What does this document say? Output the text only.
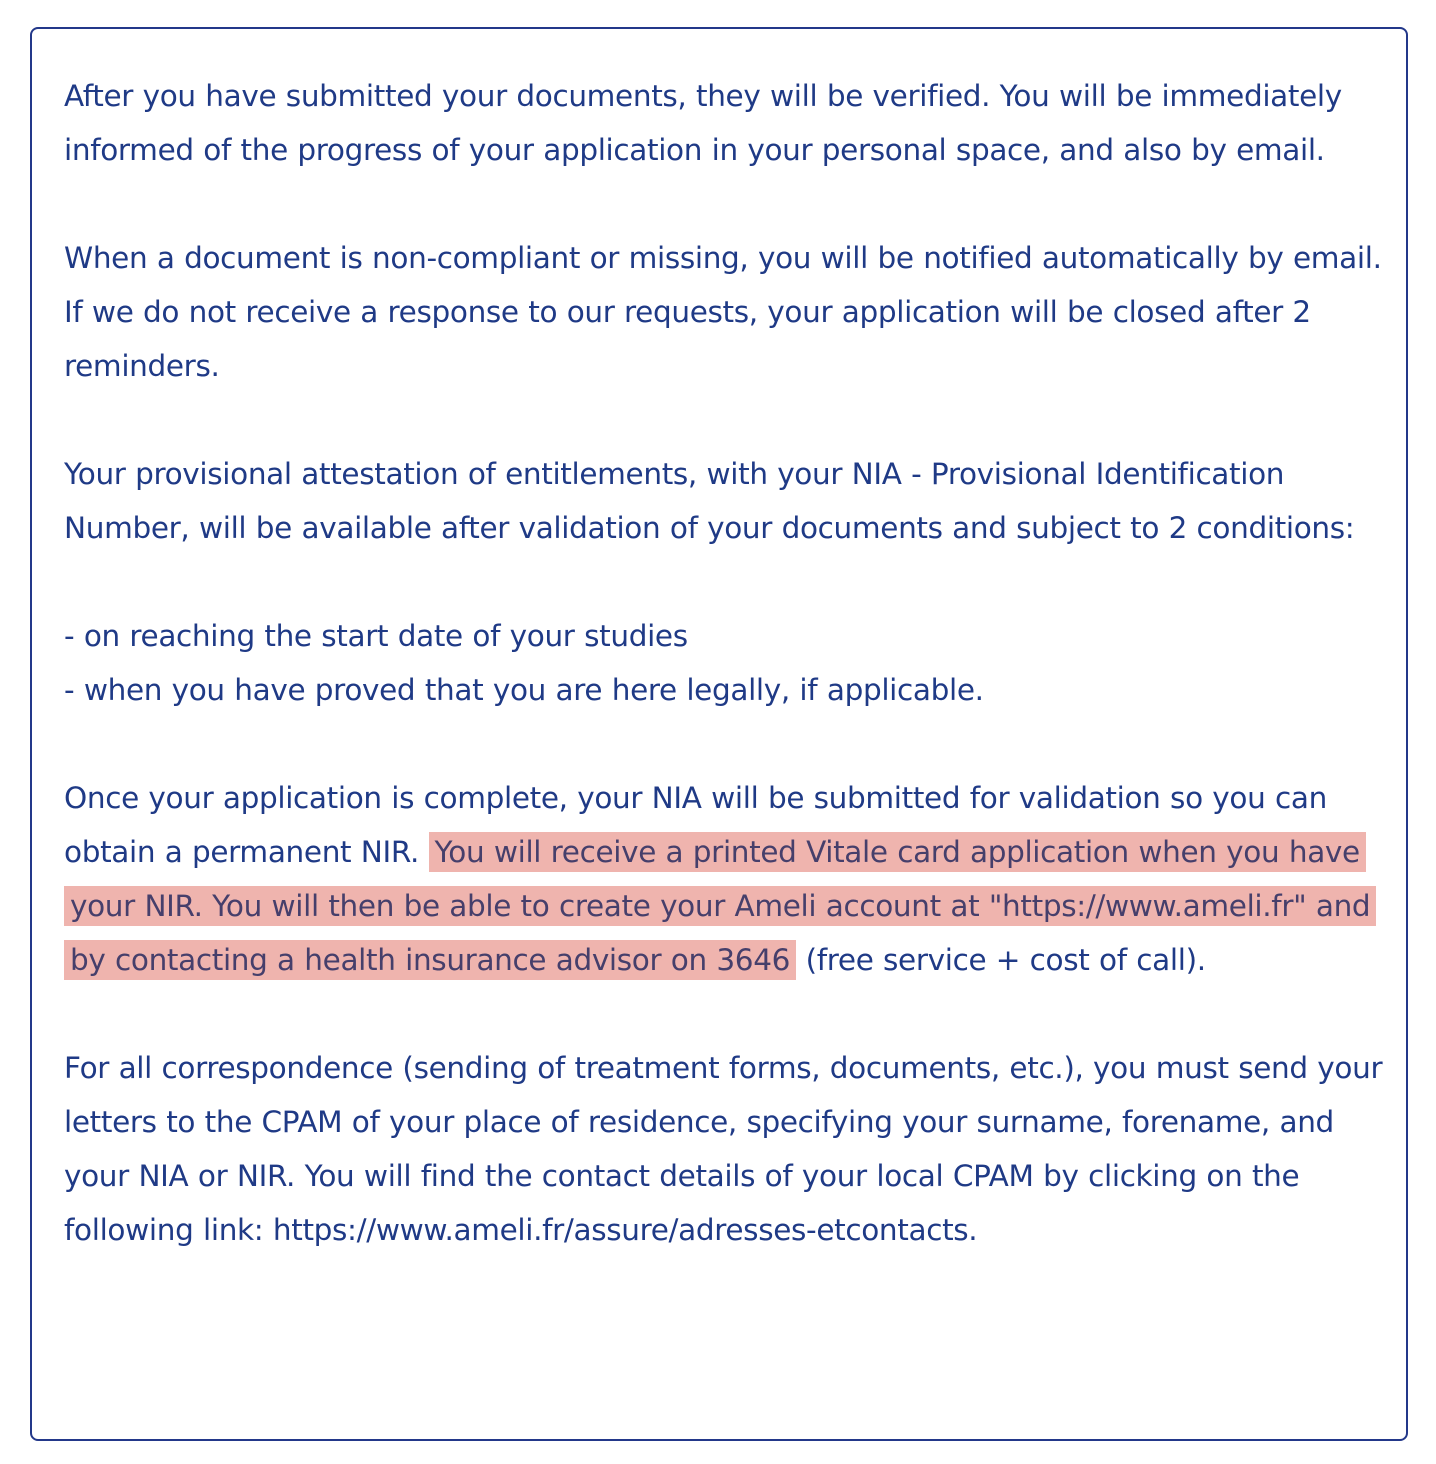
After you have submitted your documents, they will be verified. You will be immediately informed of the progress of your application in your personal space, and also by email.

When a document is non-compliant or missing, you will be notified automatically by email. If we do not receive a response to our requests, your application will be closed after 2 reminders.

Your provisional attestation of entitlements, with your NIA - Provisional Identification Number, will be available after validation of your documents and subject to 2 conditions:

- on reaching the start date of your studies
- when you have proved that you are here legally, if applicable.

Once your application is complete, your NIA will be submitted for validation so you can obtain a permanent NIR. You will receive a printed Vitale card application when you have your NIR. You will then be able to create your Ameli account at "https://www.ameli.fr" and by contacting a health insurance advisor on 3646 (free service + cost of call).

For all correspondence (sending of treatment forms, documents, etc.), you must send your letters to the CPAM of your place of residence, specifying your surname, forename, and your NIA or NIR. You will find the contact details of your local CPAM by clicking on the following link: https://www.ameli.fr/assure/adresses-etcontacts.
